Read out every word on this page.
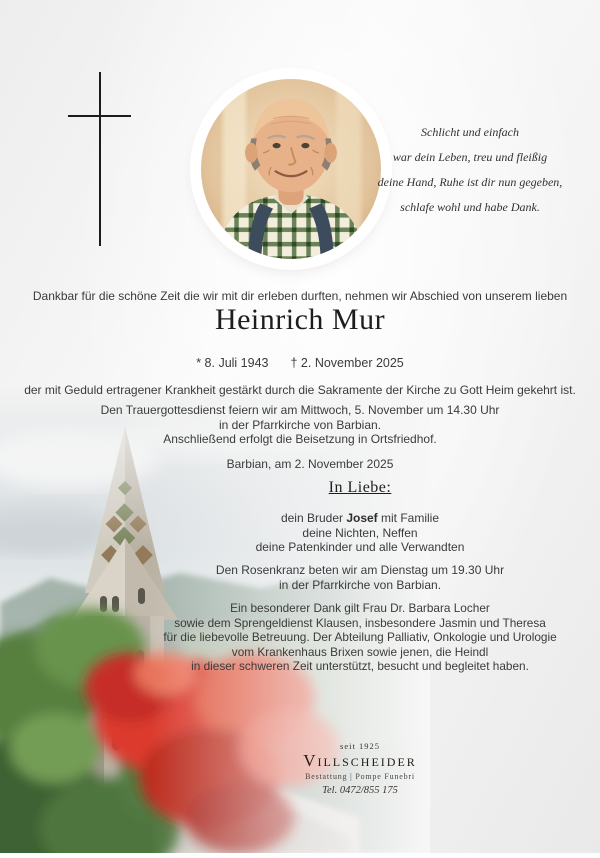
Schlicht und einfach
war dein Leben, treu und fleißig
deine Hand, Ruhe ist dir nun gegeben,
schlafe wohl und habe Dank.
Dankbar für die schöne Zeit die wir mit dir erleben durften, nehmen wir Abschied von unserem lieben
Heinrich Mur
* 8. Juli 1943 † 2. November 2025
der mit Geduld ertragener Krankheit gestärkt durch die Sakramente der Kirche zu Gott Heim gekehrt ist.
Den Trauergottesdienst feiern wir am Mittwoch, 5. November um 14.30 Uhr
in der Pfarrkirche von Barbian.
Anschließend erfolgt die Beisetzung in Ortsfriedhof.
Barbian, am 2. November 2025
In Liebe:
dein Bruder Josef mit Familie
deine Nichten, Neffen
deine Patenkinder und alle Verwandten
Den Rosenkranz beten wir am Dienstag um 19.30 Uhr
in der Pfarrkirche von Barbian.
Ein besonderer Dank gilt Frau Dr. Barbara Locher
sowie dem Sprengeldienst Klausen, insbesondere Jasmin und Theresa
für die liebevolle Betreuung. Der Abteilung Palliativ, Onkologie und Urologie
vom Krankenhaus Brixen sowie jenen, die Heindl
in dieser schweren Zeit unterstützt, besucht und begleitet haben.
seit 1925
Villscheider
Bestattung | Pompe Funebri
Tel. 0472/855 175
